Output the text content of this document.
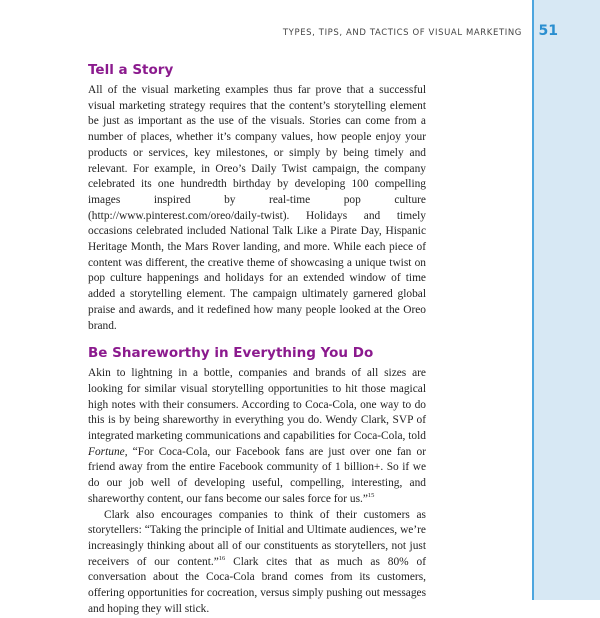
TYPES, TIPS, AND TACTICS OF VISUAL MARKETING 51
Tell a Story

All of the visual marketing examples thus far prove that a successful visual marketing strategy requires that the content’s storytelling element be just as important as the use of the visuals. Stories can come from a number of places, whether it’s company values, how people enjoy your products or services, key milestones, or simply by being timely and relevant. For example, in Oreo’s Daily Twist campaign, the company celebrated its one hundredth birthday by developing 100 compelling images inspired by real-time pop culture (http://www.pinterest.com/oreo/daily-twist). Holidays and timely occasions celebrated included National Talk Like a Pirate Day, Hispanic Heritage Month, the Mars Rover landing, and more. While each piece of content was different, the creative theme of showcasing a unique twist on pop culture happenings and holidays for an extended window of time added a storytelling element. The campaign ultimately garnered global praise and awards, and it redefined how many people looked at the Oreo brand.

Be Shareworthy in Everything You Do

Akin to lightning in a bottle, companies and brands of all sizes are looking for similar visual storytelling opportunities to hit those magical high notes with their consumers. According to Coca-Cola, one way to do this is by being shareworthy in everything you do. Wendy Clark, SVP of integrated marketing communications and capabilities for Coca-Cola, told Fortune, “For Coca-Cola, our Facebook fans are just over one fan or friend away from the entire Facebook community of 1 billion+. So if we do our job well of developing useful, compelling, interesting, and shareworthy content, our fans become our sales force for us.”$^{15}$

Clark also encourages companies to think of their customers as storytellers: “Taking the principle of Initial and Ultimate audiences, we’re increasingly thinking about all of our constituents as storytellers, not just receivers of our content.”$^{16}$ Clark cites that as much as 80% of conversation about the Coca-Cola brand comes from its customers, offering opportunities for cocreation, versus simply pushing out messages and hoping they will stick.
